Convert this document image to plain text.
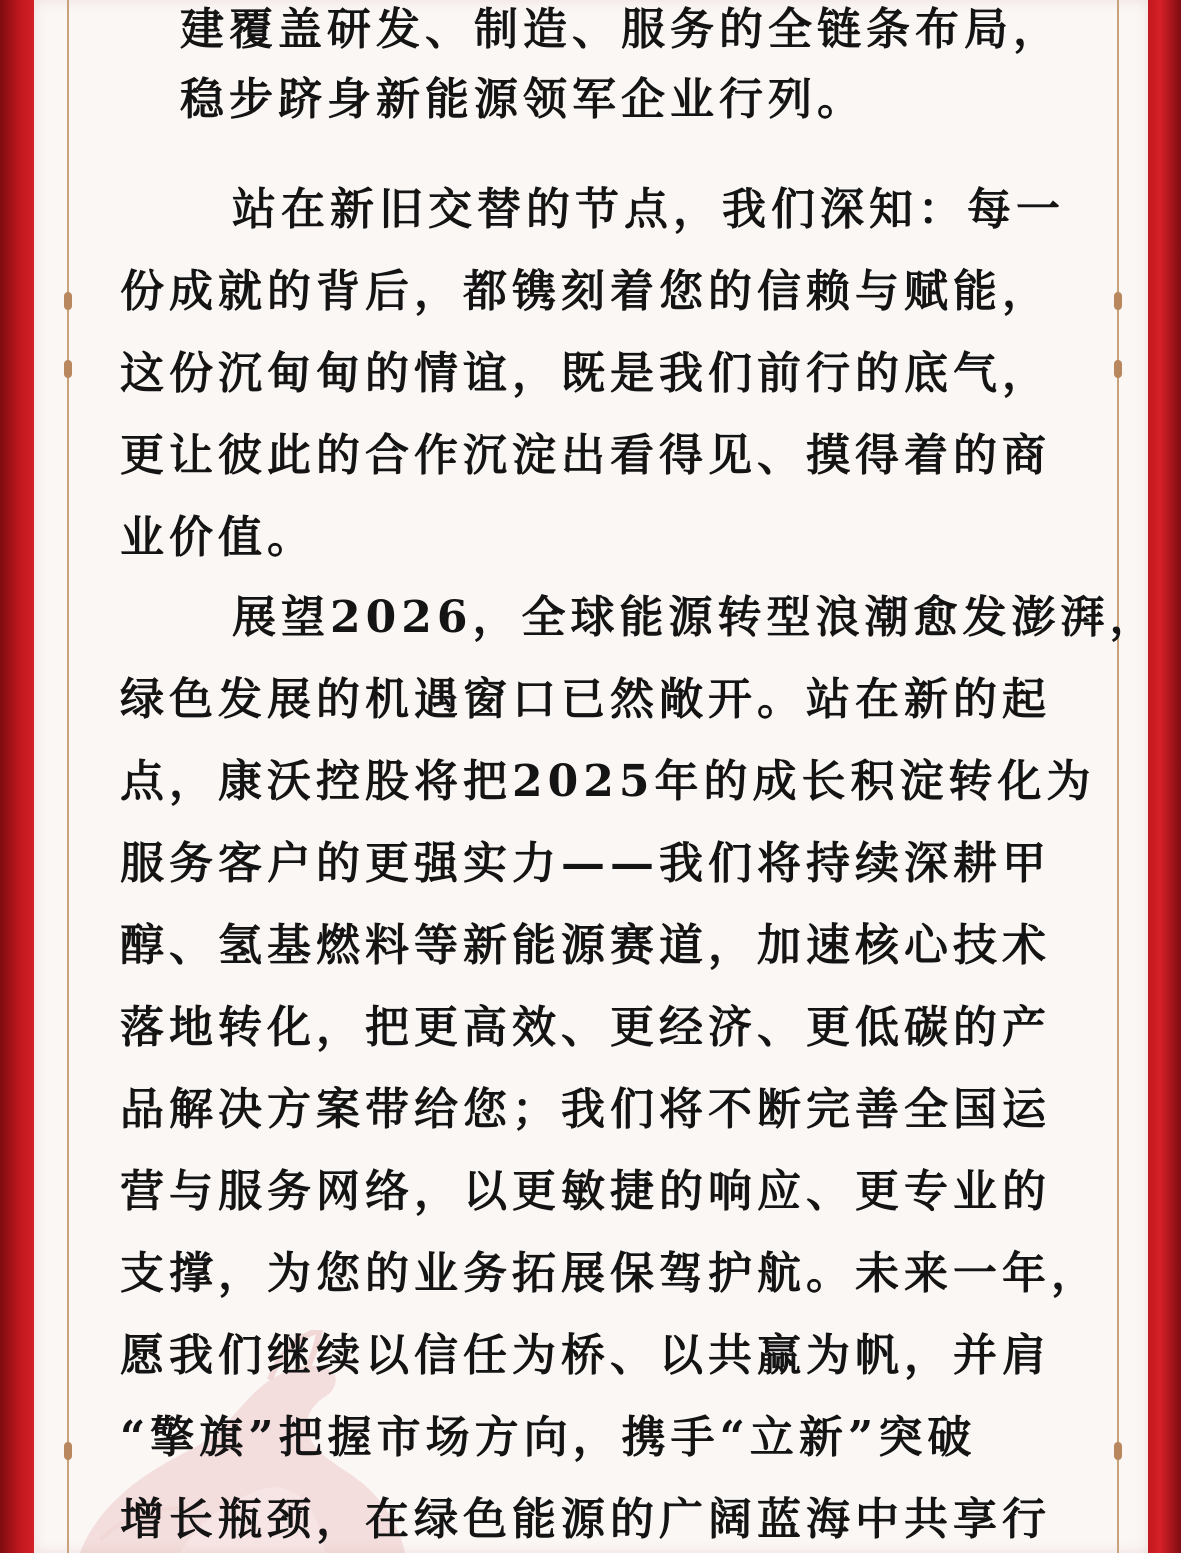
建覆盖研发、制造、服务的全链条布局，
稳步跻身新能源领军企业行列。
站在新旧交替的节点，我们深知：每一
份成就的背后，都镌刻着您的信赖与赋能，
这份沉甸甸的情谊，既是我们前行的底气，
更让彼此的合作沉淀出看得见、摸得着的商
业价值。
展望2026，全球能源转型浪潮愈发澎湃，
绿色发展的机遇窗口已然敞开。站在新的起
点，康沃控股将把2025年的成长积淀转化为
服务客户的更强实力——我们将持续深耕甲
醇、氢基燃料等新能源赛道，加速核心技术
落地转化，把更高效、更经济、更低碳的产
品解决方案带给您；我们将不断完善全国运
营与服务网络，以更敏捷的响应、更专业的
支撑，为您的业务拓展保驾护航。未来一年，
愿我们继续以信任为桥、以共赢为帆，并肩
“擎旗”把握市场方向，携手“立新”突破
增长瓶颈，在绿色能源的广阔蓝海中共享行
